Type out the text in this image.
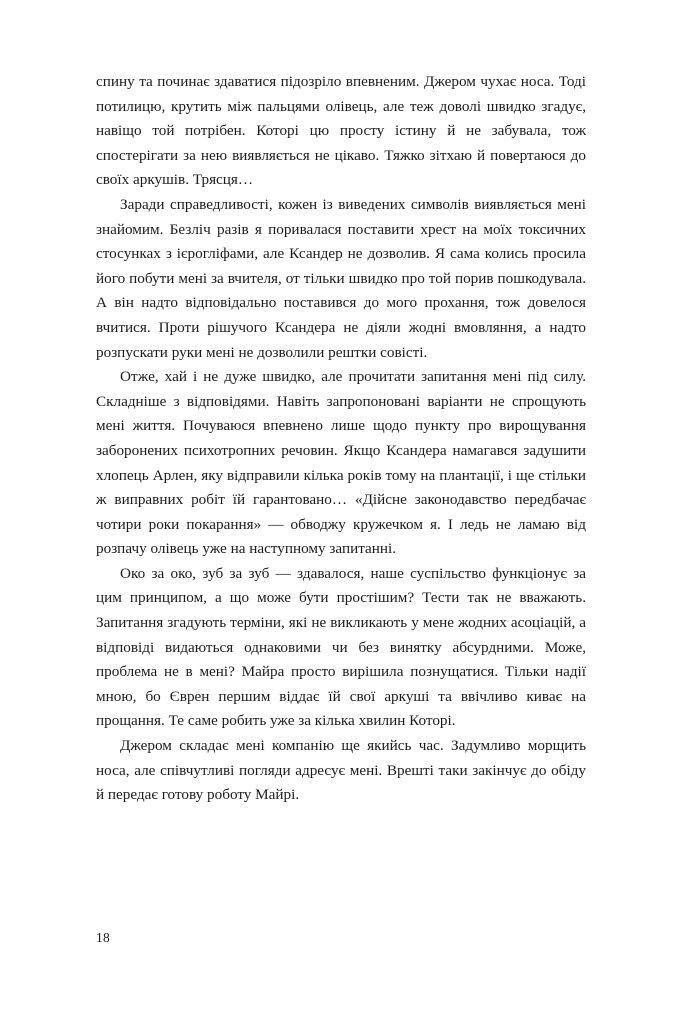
спину та починає здаватися підозріло впевненим. Джером чухає носа. Тоді потилицю, крутить між пальцями олівець, але теж доволі швидко згадує, навіщо той потрібен. Которі цю просту істину й не забувала, тож спостерігати за нею виявляється не цікаво. Тяжко зітхаю й повертаюся до своїх аркушів. Трясця…

Заради справедливості, кожен із виведених символів виявляється мені знайомим. Безліч разів я поривалася поставити хрест на моїх токсичних стосунках з ієрогліфами, але Ксандер не дозволив. Я сама колись просила його побути мені за вчителя, от тільки швидко про той порив пошкодувала. А він надто відповідально поставився до мого прохання, тож довелося вчитися. Проти рішучого Ксандера не діяли жодні вмовляння, а надто розпускати руки мені не дозволили рештки совісті.

Отже, хай і не дуже швидко, але прочитати запитання мені під силу. Складніше з відповідями. Навіть запропоновані варіанти не спрощують мені життя. Почуваюся впевнено лише щодо пункту про вирощування заборонених психотропних речовин. Якщо Ксандера намагався задушити хлопець Арлен, яку відправили кілька років тому на плантації, і ще стільки ж виправних робіт їй гарантовано… «Дійсне законодавство передбачає чотири роки покарання» — обводжу кружечком я. І ледь не ламаю від розпачу олівець уже на наступному запитанні.

Око за око, зуб за зуб — здавалося, наше суспільство функціонує за цим принципом, а що може бути простішим? Тести так не вважають. Запитання згадують терміни, які не викликають у мене жодних асоціацій, а відповіді видаються однаковими чи без винятку абсурдними. Може, проблема не в мені? Майра просто вирішила познущатися. Тільки надії мною, бо Єврен першим віддає їй свої аркуші та ввічливо киває на прощання. Те саме робить уже за кілька хвилин Которі.

Джером складає мені компанію ще якийсь час. Задумливо морщить носа, але співчутливі погляди адресує мені. Врешті таки закінчує до обіду й передає готову роботу Майрі.

18
